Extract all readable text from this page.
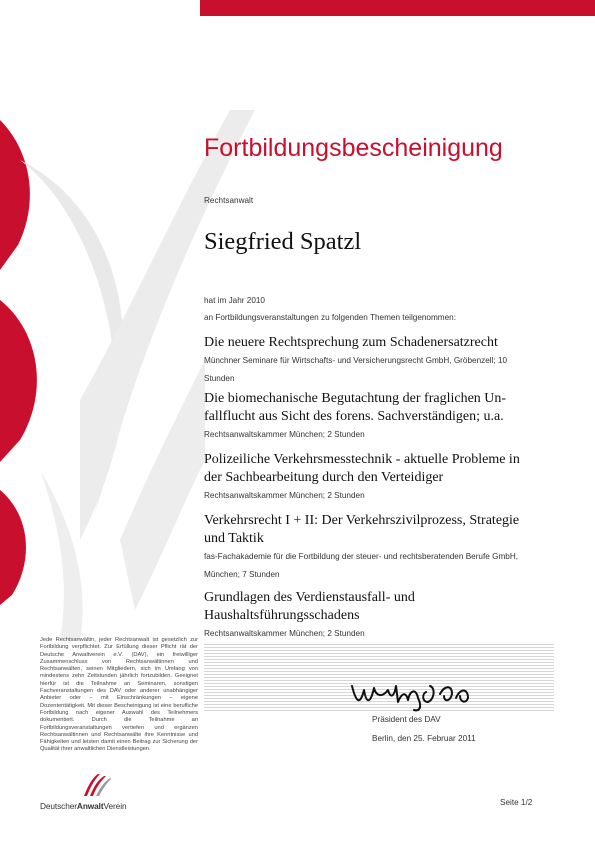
Fortbildungsbescheinigung
Rechtsanwalt
Siegfried Spatzl
hat im Jahr 2010
an Fortbildungsveranstaltungen zu folgenden Themen teilgenommen:
Die neuere Rechtsprechung zum Schadenersatzrecht
Münchner Seminare für Wirtschafts- und Versicherungsrecht GmbH, Gröbenzell; 10
Stunden
Die biomechanische Begutachtung der fraglichen Un-
fallflucht aus Sicht des forens. Sachverständigen; u.a.
Rechtsanwaltskammer München; 2 Stunden
Polizeiliche Verkehrsmesstechnik - aktuelle Probleme in
der Sachbearbeitung durch den Verteidiger
Rechtsanwaltskammer München; 2 Stunden
Verkehrsrecht I + II: Der Verkehrszivilprozess, Strategie
und Taktik
fas-Fachakademie für die Fortbildung der steuer- und rechtsberatenden Berufe GmbH,
München; 7 Stunden
Grundlagen des Verdienstausfall- und
Haushaltsführungsschadens
Rechtsanwaltskammer München; 2 Stunden
Jede Rechtsanwältin, jeder Rechtsanwalt ist gesetzlich zur Fortbildung verpflichtet. Zur Erfüllung dieser Pflicht rät der Deutsche Anwaltverein e.V. (DAV), ein freiwilliger Zusammenschluss von Rechtsanwältinnen und Rechtsanwälten, seinen Mitgliedern, sich im Umfang von mindestens zehn Zeitstunden jährlich fortzubilden. Geeignet hierfür ist die Teilnahme an Seminaren, sonstigen Fachveranstaltungen des DAV oder anderer unabhängiger Anbieter oder – mit Einschränkungen – eigene Dozententätigkeit. Mit dieser Bescheinigung ist eine berufliche Fortbildung nach eigener Auswahl des Teilnehmers dokumentiert. Durch die Teilnahme an Fortbildungsveranstaltungen vertiefen und ergänzen Rechtsanwältinnen und Rechtsanwälte ihre Kenntnisse und Fähigkeiten und leisten damit einen Beitrag zur Sicherung der Qualität ihrer anwaltlichen Dienstleistungen.
Präsident des DAV
Berlin, den 25. Februar 2011
DeutscherAnwaltVerein	Seite 1/2
